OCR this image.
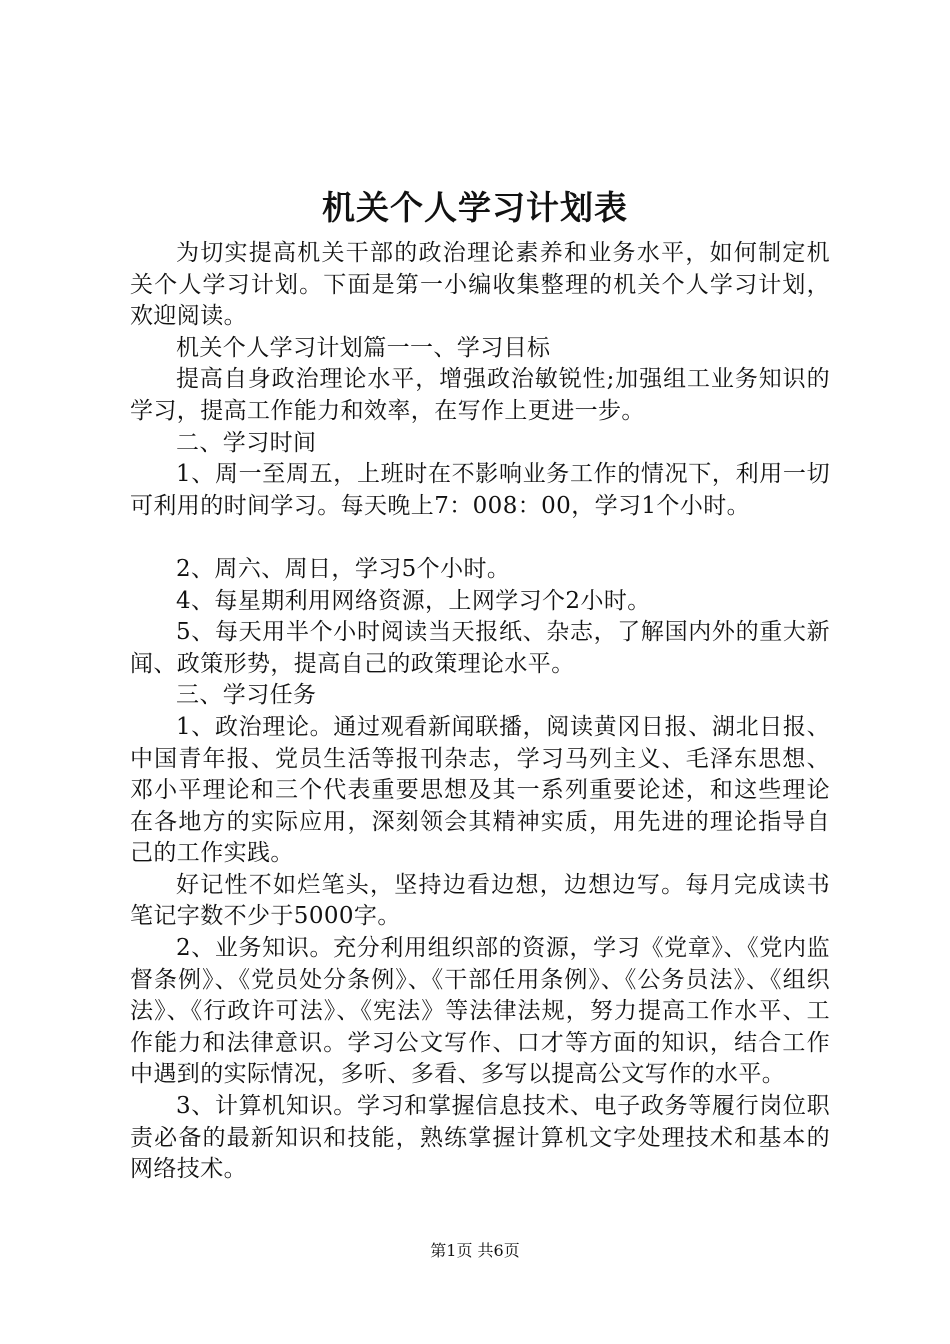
机关个人学习计划表

为切实提高机关干部的政治理论素养和业务水平，如何制定机关个人学习计划。下面是第一小编收集整理的机关个人学习计划，欢迎阅读。

机关个人学习计划篇一一、学习目标

提高自身政治理论水平，增强政治敏锐性;加强组工业务知识的学习，提高工作能力和效率，在写作上更进一步。

二、学习时间

1、周一至周五，上班时在不影响业务工作的情况下，利用一切可利用的时间学习。每天晚上7：008：00，学习1个小时。

2、周六、周日，学习5个小时。

4、每星期利用网络资源，上网学习个2小时。

5、每天用半个小时阅读当天报纸、杂志，了解国内外的重大新闻、政策形势，提高自己的政策理论水平。

三、学习任务

1、政治理论。通过观看新闻联播，阅读黄冈日报、湖北日报、中国青年报、党员生活等报刊杂志，学习马列主义、毛泽东思想、邓小平理论和三个代表重要思想及其一系列重要论述，和这些理论在各地方的实际应用，深刻领会其精神实质，用先进的理论指导自己的工作实践。

好记性不如烂笔头，坚持边看边想，边想边写。每月完成读书笔记字数不少于5000字。

2、业务知识。充分利用组织部的资源，学习《党章》、《党内监督条例》、《党员处分条例》、《干部任用条例》、《公务员法》、《组织法》、《行政许可法》、《宪法》等法律法规，努力提高工作水平、工作能力和法律意识。学习公文写作、口才等方面的知识，结合工作中遇到的实际情况，多听、多看、多写以提高公文写作的水平。

3、计算机知识。学习和掌握信息技术、电子政务等履行岗位职责必备的最新知识和技能，熟练掌握计算机文字处理技术和基本的网络技术。

第1页 共6页
